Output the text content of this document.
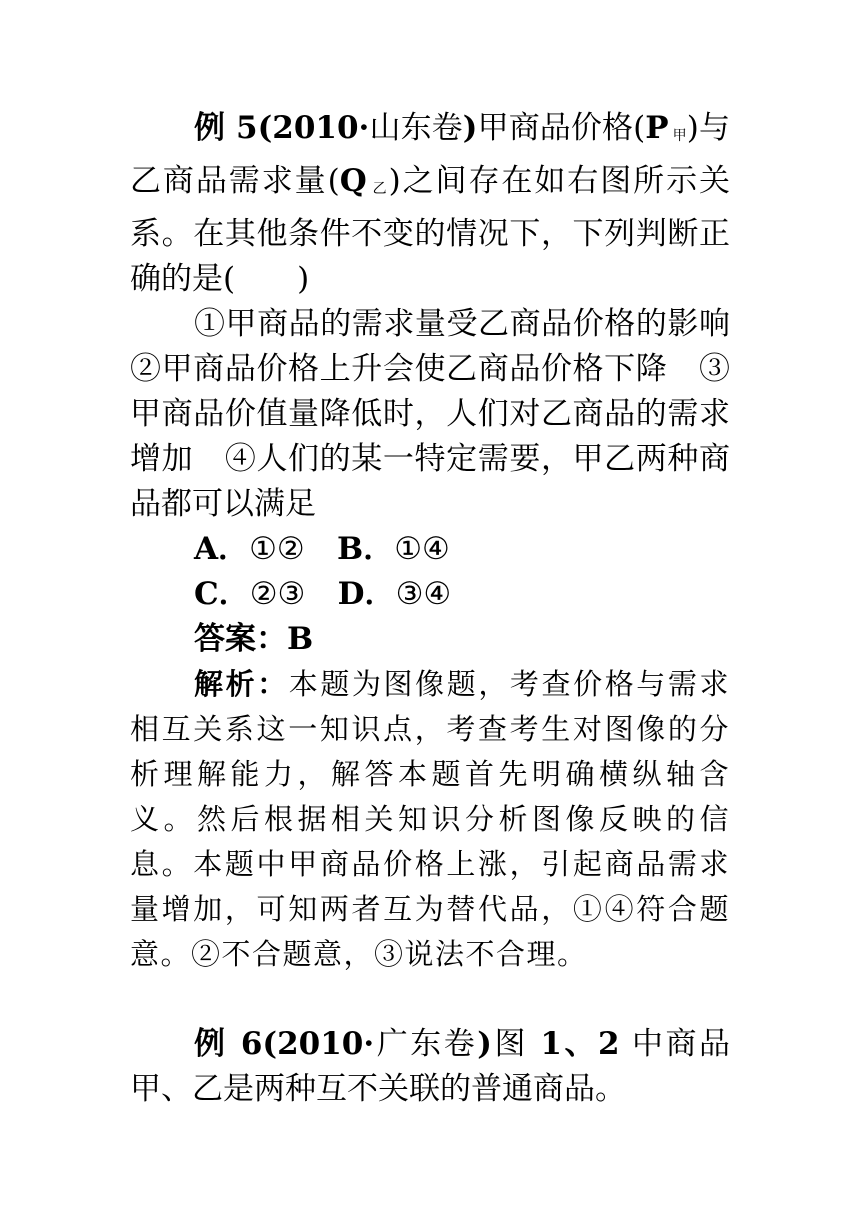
例 5(2010·山东卷)甲商品价格(P 甲)与乙商品需求量(Q 乙)之间存在如右图所示关系。在其他条件不变的情况下，下列判断正确的是(　　)

①甲商品的需求量受乙商品价格的影响　②甲商品价格上升会使乙商品价格下降　③甲商品价值量降低时，人们对乙商品的需求增加　④人们的某一特定需要，甲乙两种商品都可以满足

A．①② B．①④

C．②③ D．③④

答案：B

解析：本题为图像题，考查价格与需求相互关系这一知识点，考查考生对图像的分析理解能力，解答本题首先明确横纵轴含义。然后根据相关知识分析图像反映的信息。本题中甲商品价格上涨，引起商品需求量增加，可知两者互为替代品，①④符合题意。②不合题意，③说法不合理。

例 6(2010·广东卷)图 1、2 中商品甲、乙是两种互不关联的普通商品。
